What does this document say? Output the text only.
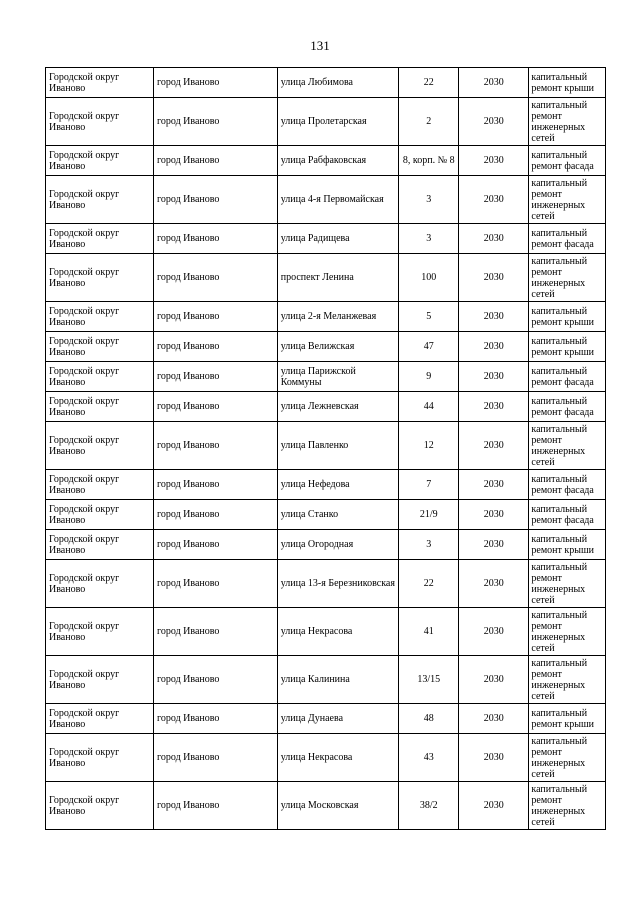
131
Городской округ Иваново	город Иваново	улица Любимова	22	2030	капитальный ремонт крыши
Городской округ Иваново	город Иваново	улица Пролетарская	2	2030	капитальный ремонт инженерных сетей
Городской округ Иваново	город Иваново	улица Рабфаковская	8, корп. № 8	2030	капитальный ремонт фасада
Городской округ Иваново	город Иваново	улица 4-я Первомайская	3	2030	капитальный ремонт инженерных сетей
Городской округ Иваново	город Иваново	улица Радищева	3	2030	капитальный ремонт фасада
Городской округ Иваново	город Иваново	проспект Ленина	100	2030	капитальный ремонт инженерных сетей
Городской округ Иваново	город Иваново	улица 2-я Меланжевая	5	2030	капитальный ремонт крыши
Городской округ Иваново	город Иваново	улица Велижская	47	2030	капитальный ремонт крыши
Городской округ Иваново	город Иваново	улица Парижской Коммуны	9	2030	капитальный ремонт фасада
Городской округ Иваново	город Иваново	улица Лежневская	44	2030	капитальный ремонт фасада
Городской округ Иваново	город Иваново	улица Павленко	12	2030	капитальный ремонт инженерных сетей
Городской округ Иваново	город Иваново	улица Нефедова	7	2030	капитальный ремонт фасада
Городской округ Иваново	город Иваново	улица Станко	21/9	2030	капитальный ремонт фасада
Городской округ Иваново	город Иваново	улица Огородная	3	2030	капитальный ремонт крыши
Городской округ Иваново	город Иваново	улица 13-я Березниковская	22	2030	капитальный ремонт инженерных сетей
Городской округ Иваново	город Иваново	улица Некрасова	41	2030	капитальный ремонт инженерных сетей
Городской округ Иваново	город Иваново	улица Калинина	13/15	2030	капитальный ремонт инженерных сетей
Городской округ Иваново	город Иваново	улица Дунаева	48	2030	капитальный ремонт крыши
Городской округ Иваново	город Иваново	улица Некрасова	43	2030	капитальный ремонт инженерных сетей
Городской округ Иваново	город Иваново	улица Московская	38/2	2030	капитальный ремонт инженерных сетей
